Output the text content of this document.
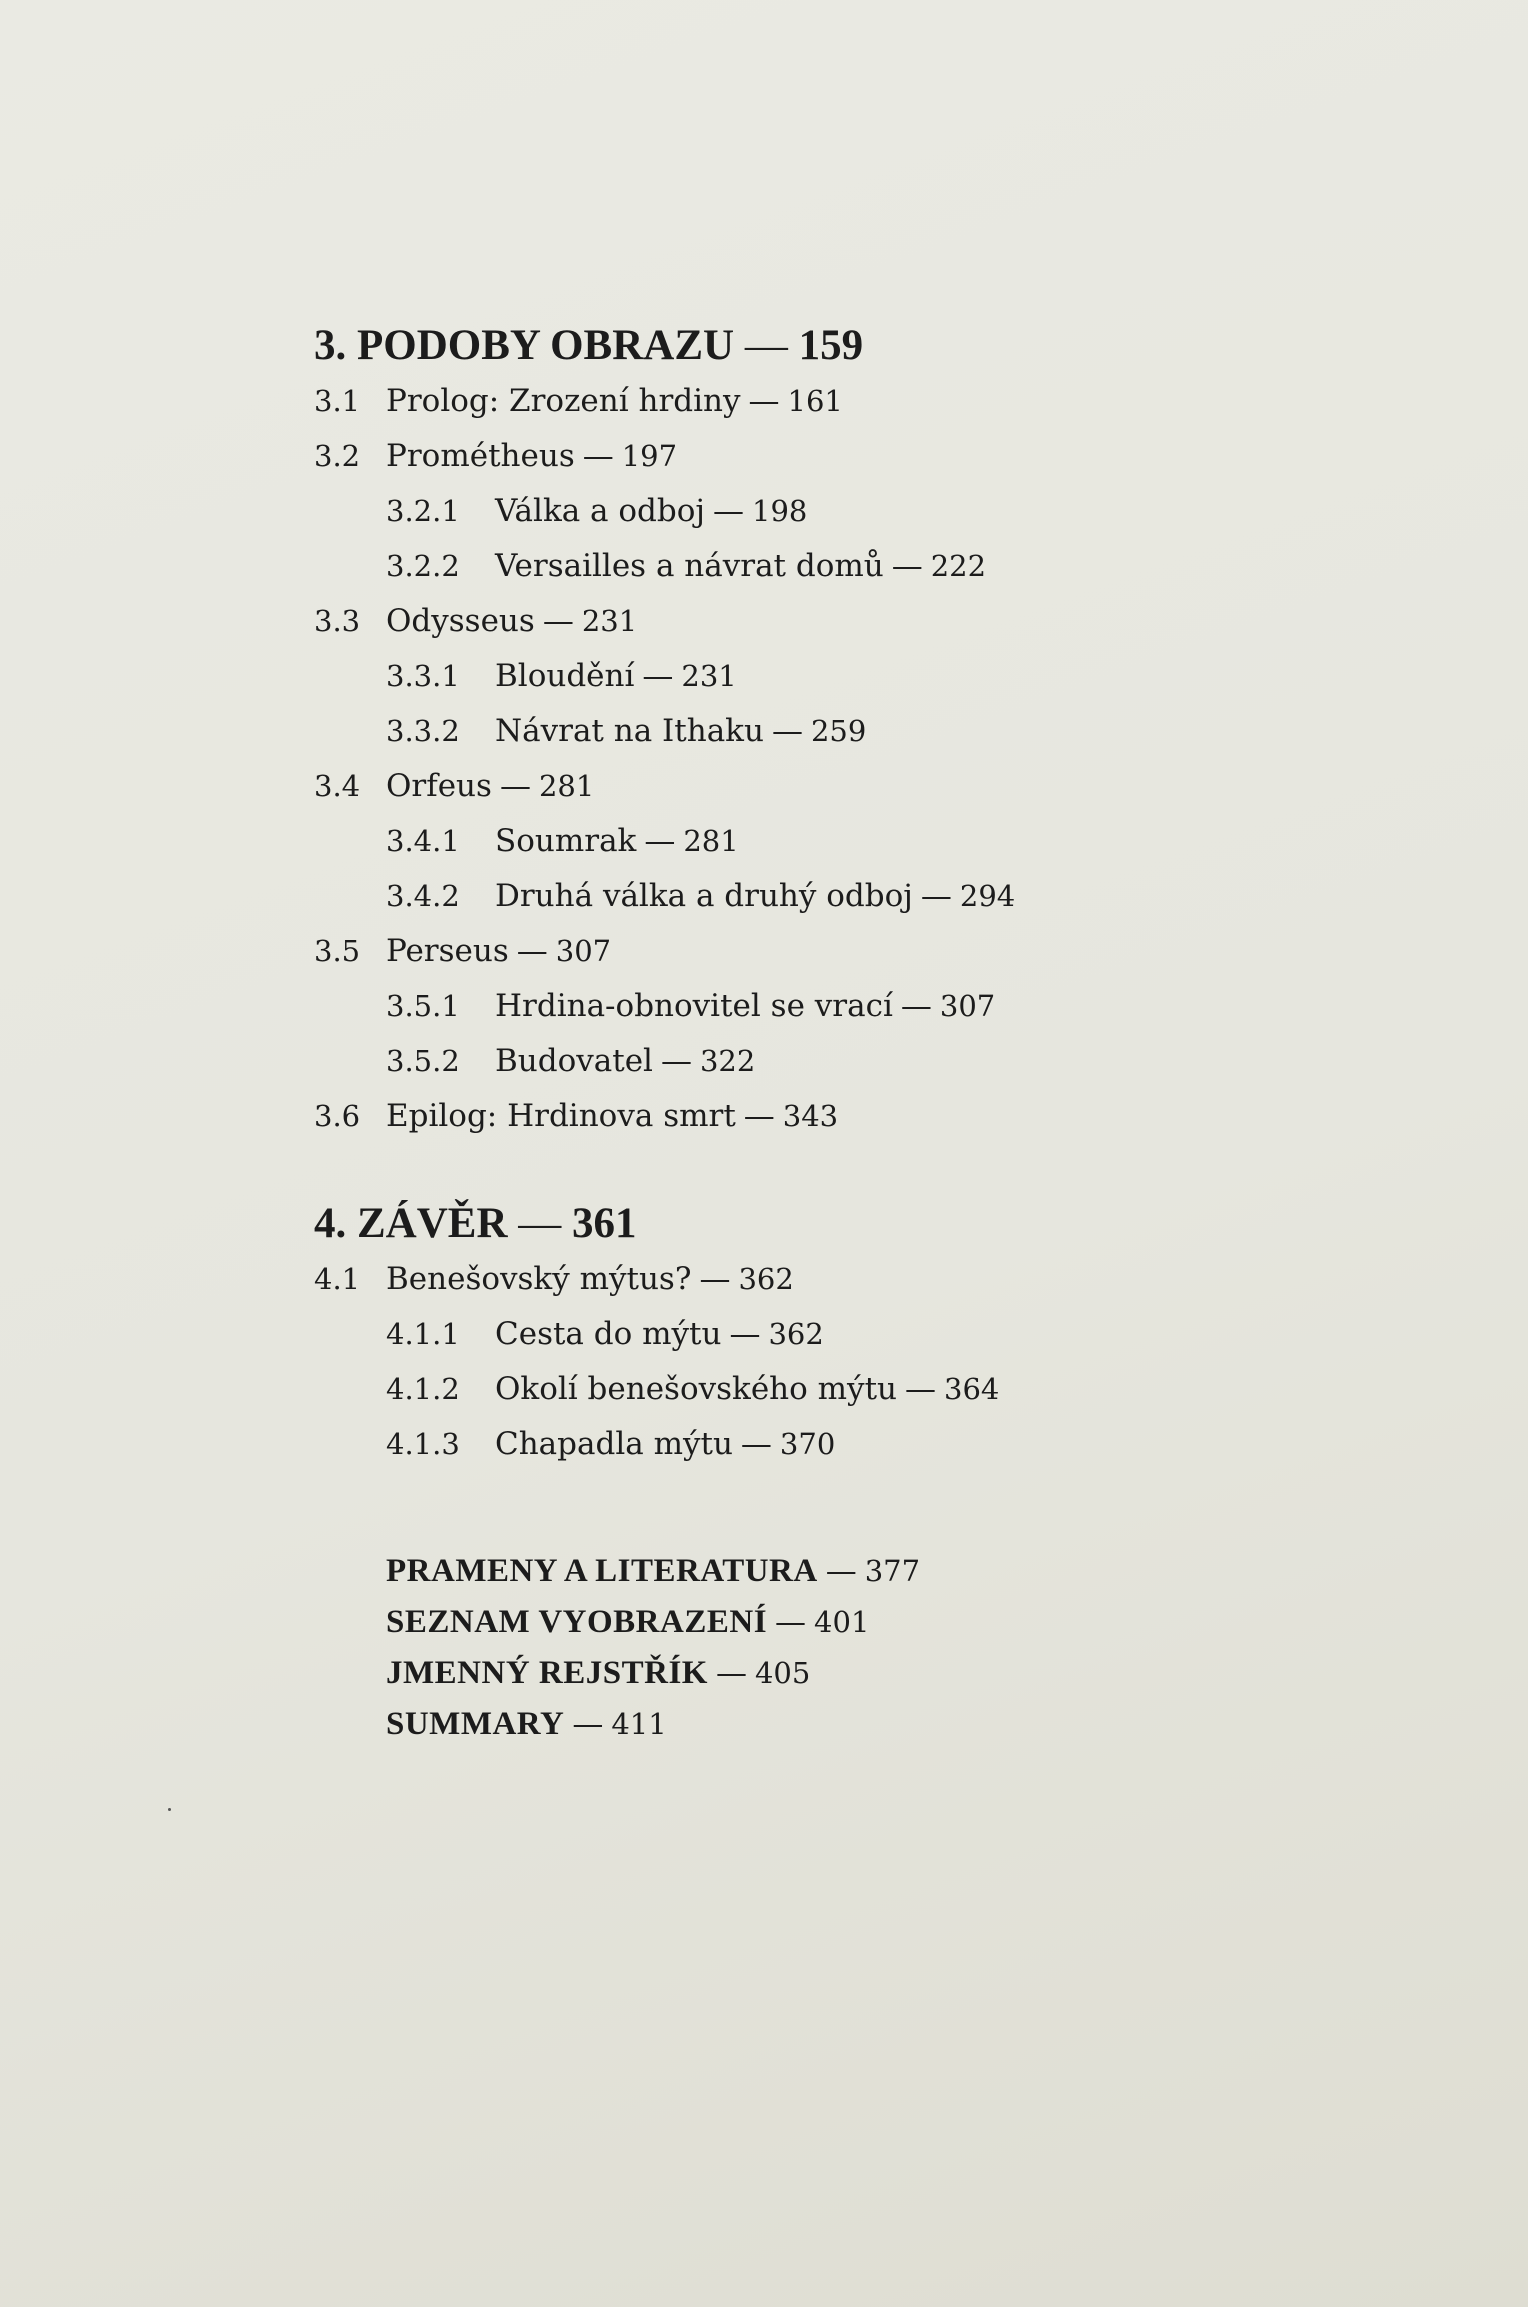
3. PODOBY OBRAZU — 159
3.1 Prolog: Zrození hrdiny — 161
3.2 Prométheus — 197
3.2.1	Válka a odboj — 198
3.2.2	Versailles a návrat domů — 222
3.3 Odysseus — 231
3.3.1	Bloudění — 231
3.3.2	Návrat na Ithaku — 259
3.4 Orfeus — 281
3.4.1	Soumrak — 281
3.4.2	Druhá válka a druhý odboj — 294
3.5 Perseus — 307
3.5.1	Hrdina-obnovitel se vrací — 307
3.5.2	Budovatel — 322
3.6 Epilog: Hrdinova smrt — 343
4. ZÁVĚR — 361
4.1 Benešovský mýtus? — 362
4.1.1	Cesta do mýtu — 362
4.1.2	Okolí benešovského mýtu — 364
4.1.3	Chapadla mýtu — 370
PRAMENY A LITERATURA — 377
SEZNAM VYOBRAZENÍ — 401
JMENNÝ REJSTŘÍK — 405
SUMMARY — 411
